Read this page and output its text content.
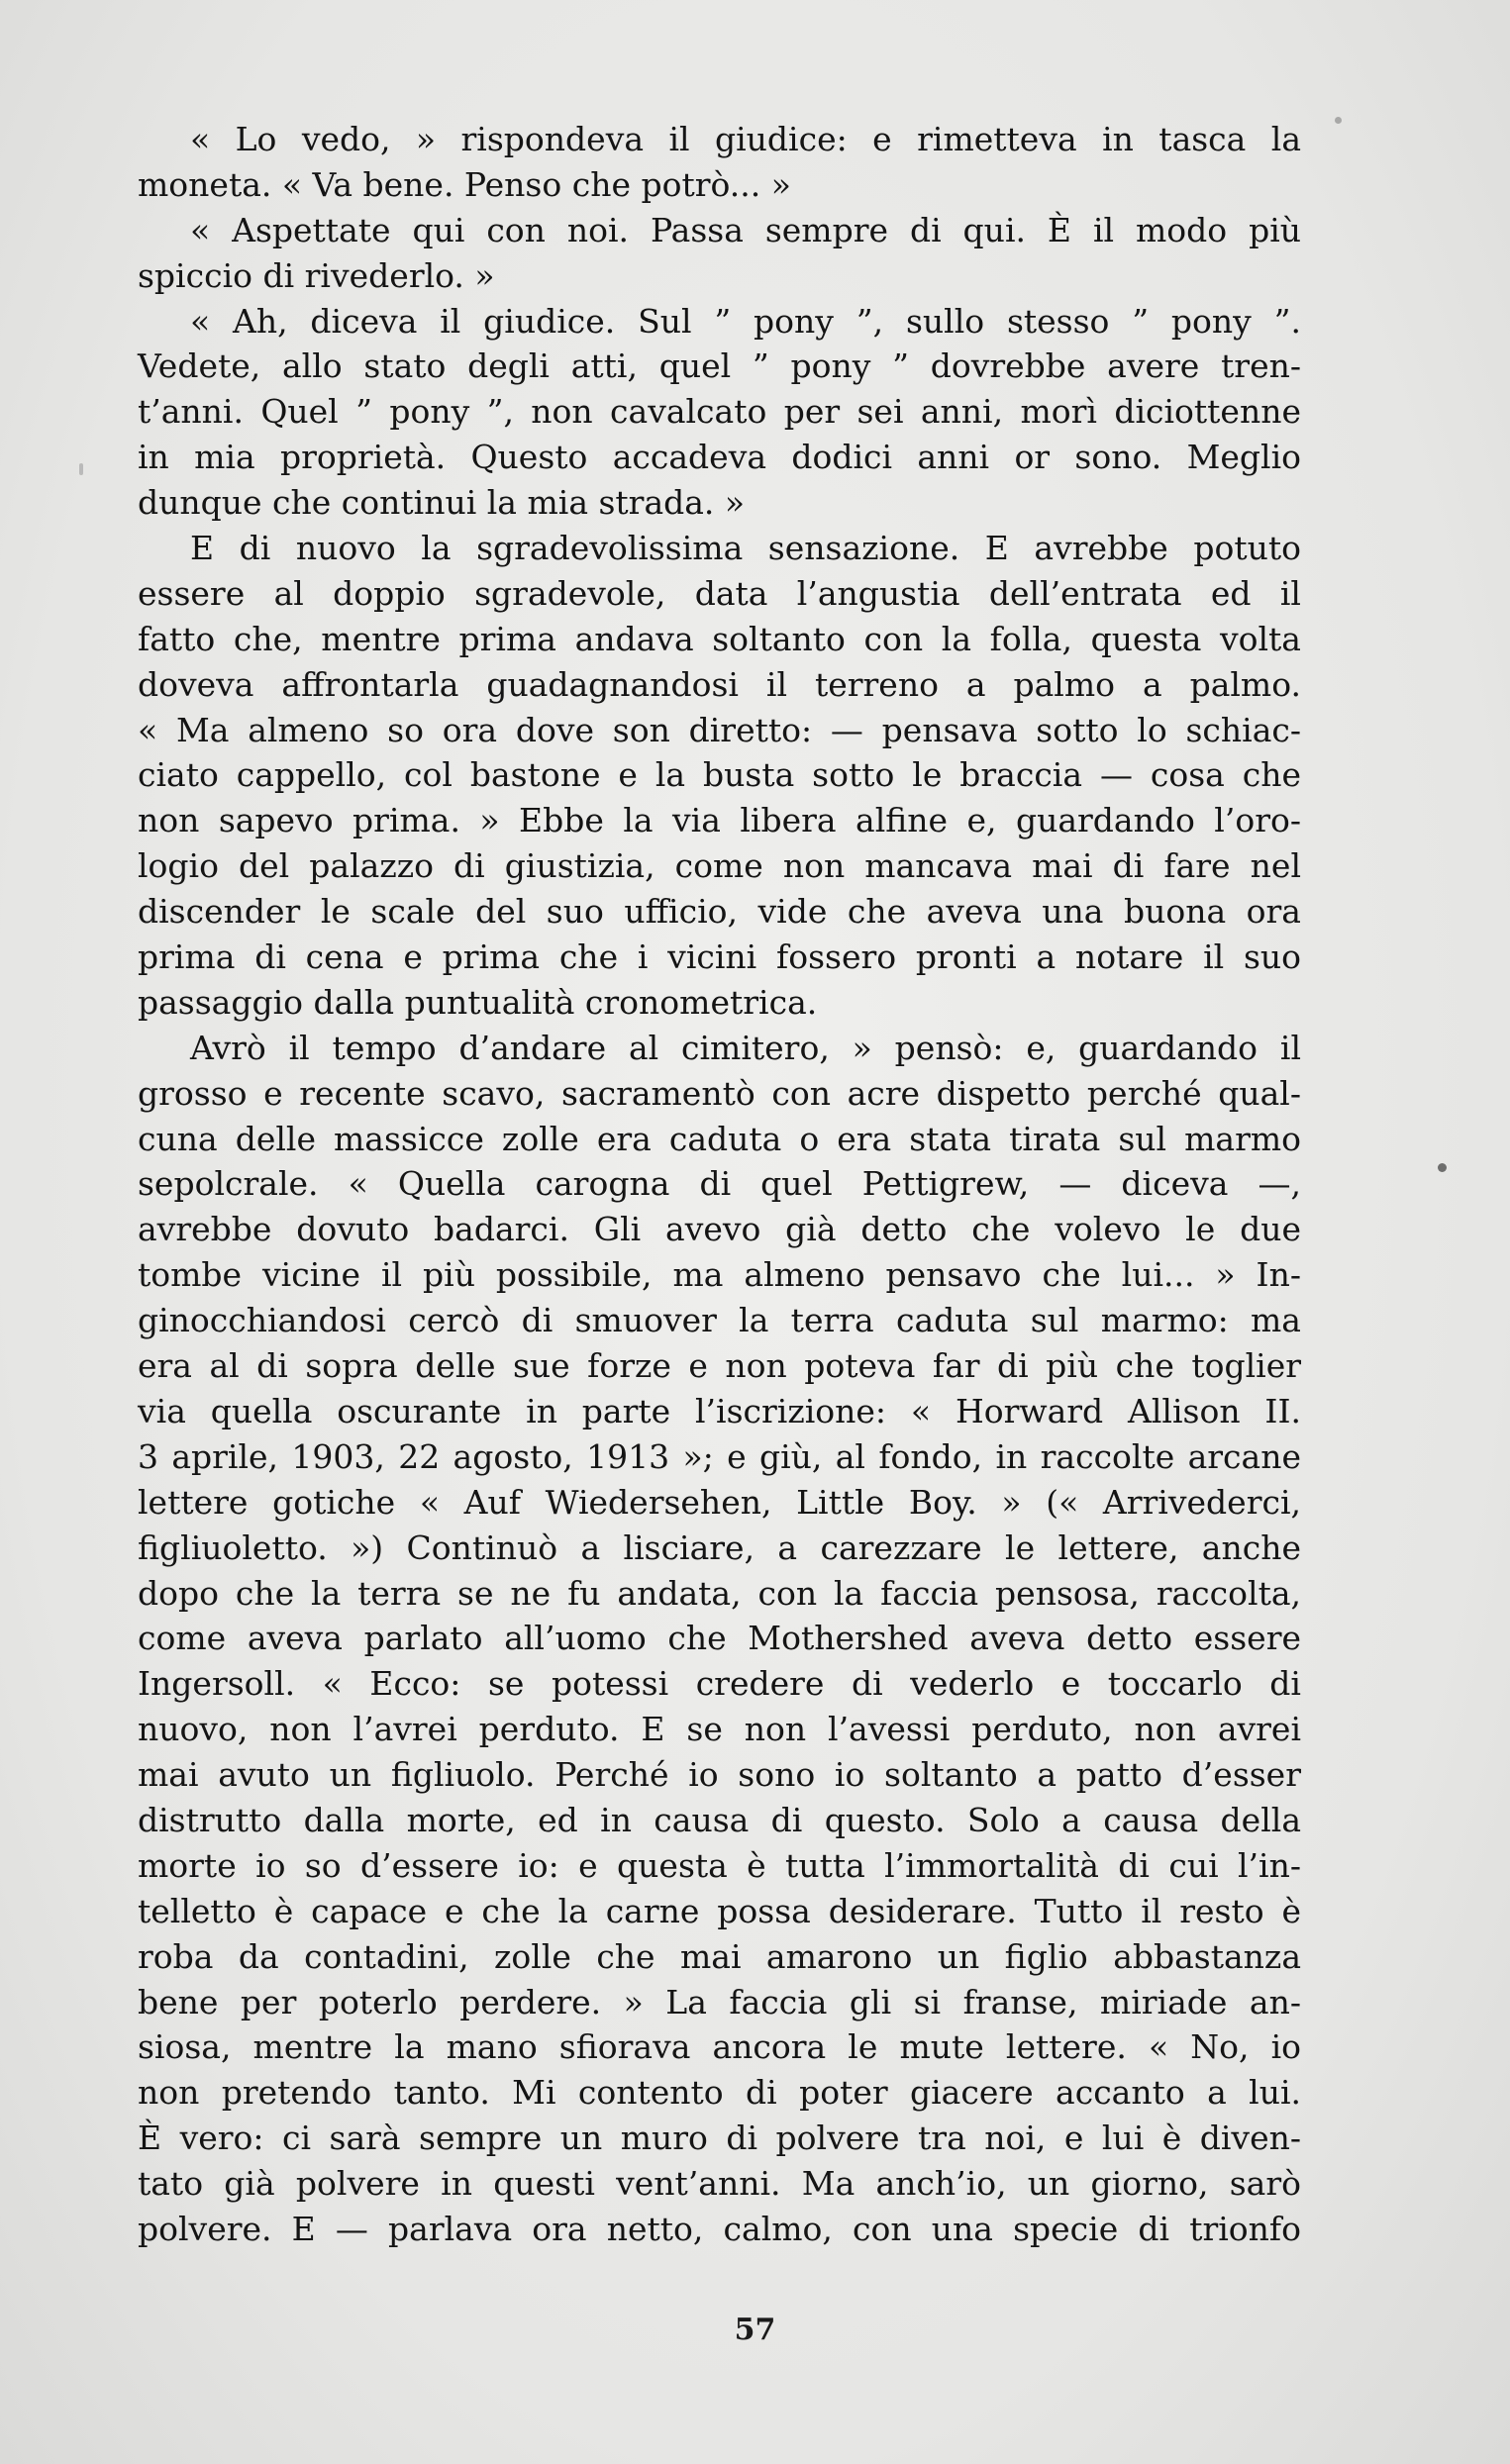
« Lo vedo, » rispondeva il giudice: e rimetteva in tasca la
moneta. « Va bene. Penso che potrò... »
« Aspettate qui con noi. Passa sempre di qui. È il modo più
spiccio di rivederlo. »
« Ah, diceva il giudice. Sul ” pony ”, sullo stesso ” pony ”.
Vedete, allo stato degli atti, quel ” pony ” dovrebbe avere tren-
t’anni. Quel ” pony ”, non cavalcato per sei anni, morì diciottenne
in mia proprietà. Questo accadeva dodici anni or sono. Meglio
dunque che continui la mia strada. »
E di nuovo la sgradevolissima sensazione. E avrebbe potuto
essere al doppio sgradevole, data l’angustia dell’entrata ed il
fatto che, mentre prima andava soltanto con la folla, questa volta
doveva affrontarla guadagnandosi il terreno a palmo a palmo.
« Ma almeno so ora dove son diretto: — pensava sotto lo schiac-
ciato cappello, col bastone e la busta sotto le braccia — cosa che
non sapevo prima. » Ebbe la via libera alfine e, guardando l’oro-
logio del palazzo di giustizia, come non mancava mai di fare nel
discender le scale del suo ufficio, vide che aveva una buona ora
prima di cena e prima che i vicini fossero pronti a notare il suo
passaggio dalla puntualità cronometrica.
Avrò il tempo d’andare al cimitero, » pensò: e, guardando il
grosso e recente scavo, sacramentò con acre dispetto perché qual-
cuna delle massicce zolle era caduta o era stata tirata sul marmo
sepolcrale. « Quella carogna di quel Pettigrew, — diceva —,
avrebbe dovuto badarci. Gli avevo già detto che volevo le due
tombe vicine il più possibile, ma almeno pensavo che lui... » In-
ginocchiandosi cercò di smuover la terra caduta sul marmo: ma
era al di sopra delle sue forze e non poteva far di più che toglier
via quella oscurante in parte l’iscrizione: « Horward Allison II.
3 aprile, 1903, 22 agosto, 1913 »; e giù, al fondo, in raccolte arcane
lettere gotiche « Auf Wiedersehen, Little Boy. » (« Arrivederci,
figliuoletto. ») Continuò a lisciare, a carezzare le lettere, anche
dopo che la terra se ne fu andata, con la faccia pensosa, raccolta,
come aveva parlato all’uomo che Mothershed aveva detto essere
Ingersoll. « Ecco: se potessi credere di vederlo e toccarlo di
nuovo, non l’avrei perduto. E se non l’avessi perduto, non avrei
mai avuto un figliuolo. Perché io sono io soltanto a patto d’esser
distrutto dalla morte, ed in causa di questo. Solo a causa della
morte io so d’essere io: e questa è tutta l’immortalità di cui l’in-
telletto è capace e che la carne possa desiderare. Tutto il resto è
roba da contadini, zolle che mai amarono un figlio abbastanza
bene per poterlo perdere. » La faccia gli si franse, miriade an-
siosa, mentre la mano sfiorava ancora le mute lettere. « No, io
non pretendo tanto. Mi contento di poter giacere accanto a lui.
È vero: ci sarà sempre un muro di polvere tra noi, e lui è diven-
tato già polvere in questi vent’anni. Ma anch’io, un giorno, sarò
polvere. E — parlava ora netto, calmo, con una specie di trionfo
57
